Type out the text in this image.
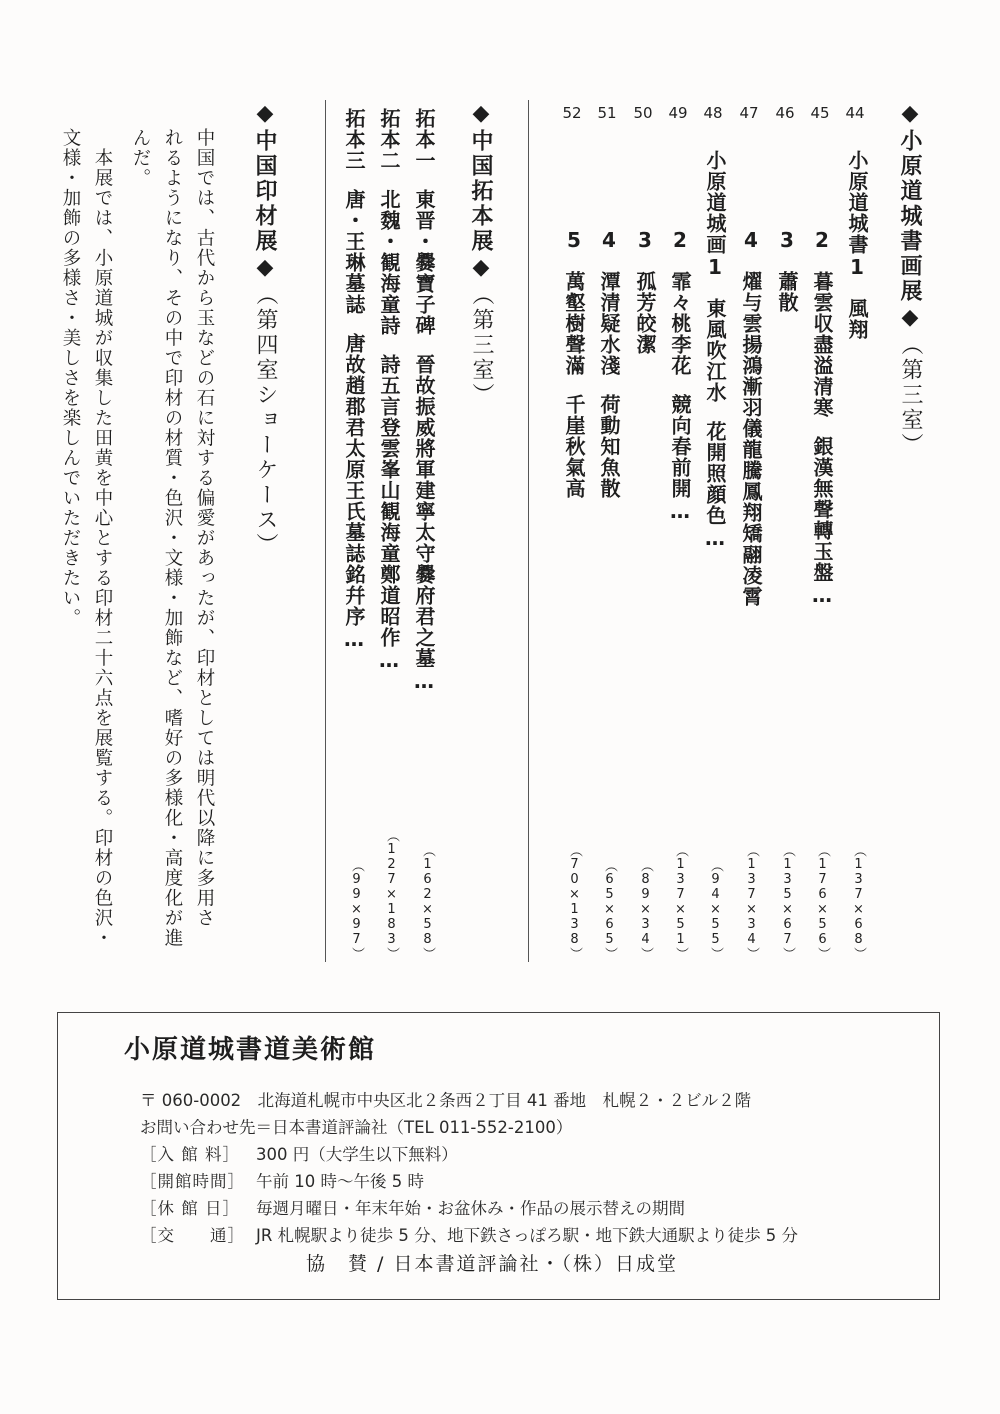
◆小原道城書画展◆（第三室）
44
45
46
47
48
49
50
51
52
小原道城書1風翔
2暮雲収盡溢清寒銀漢無聲轉玉盤…
3蕭散
4燿与雲揚鴻漸羽儀龍騰鳳翔矯翮凌霄
小原道城画1東風吹江水花開照顔色…
2霏々桃李花競向春前開…
3孤芳皎潔
4潭清疑水淺荷動知魚散
5萬壑樹聲滿千崖秋氣高
（137×68）
（176×56）
（135×67）
（137×34）
（94×55）
（137×51）
（89×34）
（65×65）
（70×138）
◆中国拓本展◆（第三室）
拓本一東晋・爨寶子碑晉故振威將軍建寧太守爨府君之墓…
拓本二北魏・観海童詩詩五言登雲峯山観海童鄭道昭作…
拓本三唐・王琳墓誌唐故趙郡君太原王氏墓誌銘幷序…
（162×58）
（127×183）
（99×97）
◆中国印材展◆（第四室ショーケース）
中国では、古代から玉などの石に対する偏愛があったが、印材としては明代以降に多用さ
れるようになり、その中で印材の材質・色沢・文様・加飾など、嗜好の多様化・高度化が進
んだ。
本展では、小原道城が収集した田黄を中心とする印材二十六点を展覧する。印材の色沢・
文様・加飾の多様さ・美しさを楽しんでいただきたい。
小原道城書道美術館
〒 060-0002　北海道札幌市中央区北２条西２丁目 41 番地　札幌２・２ビル２階
お問い合わせ先＝日本書道評論社（TEL 011-552-2100）
［入 館 料］ 300 円（大学生以下無料）
［開館時間］ 午前 10 時〜午後 5 時
［休 館 日］ 毎週月曜日・年末年始・お盆休み・作品の展示替えの期間
［交　　通］ JR 札幌駅より徒歩 5 分、地下鉄さっぽろ駅・地下鉄大通駅より徒歩 5 分
協　賛 / 日本書道評論社・（株）日成堂
